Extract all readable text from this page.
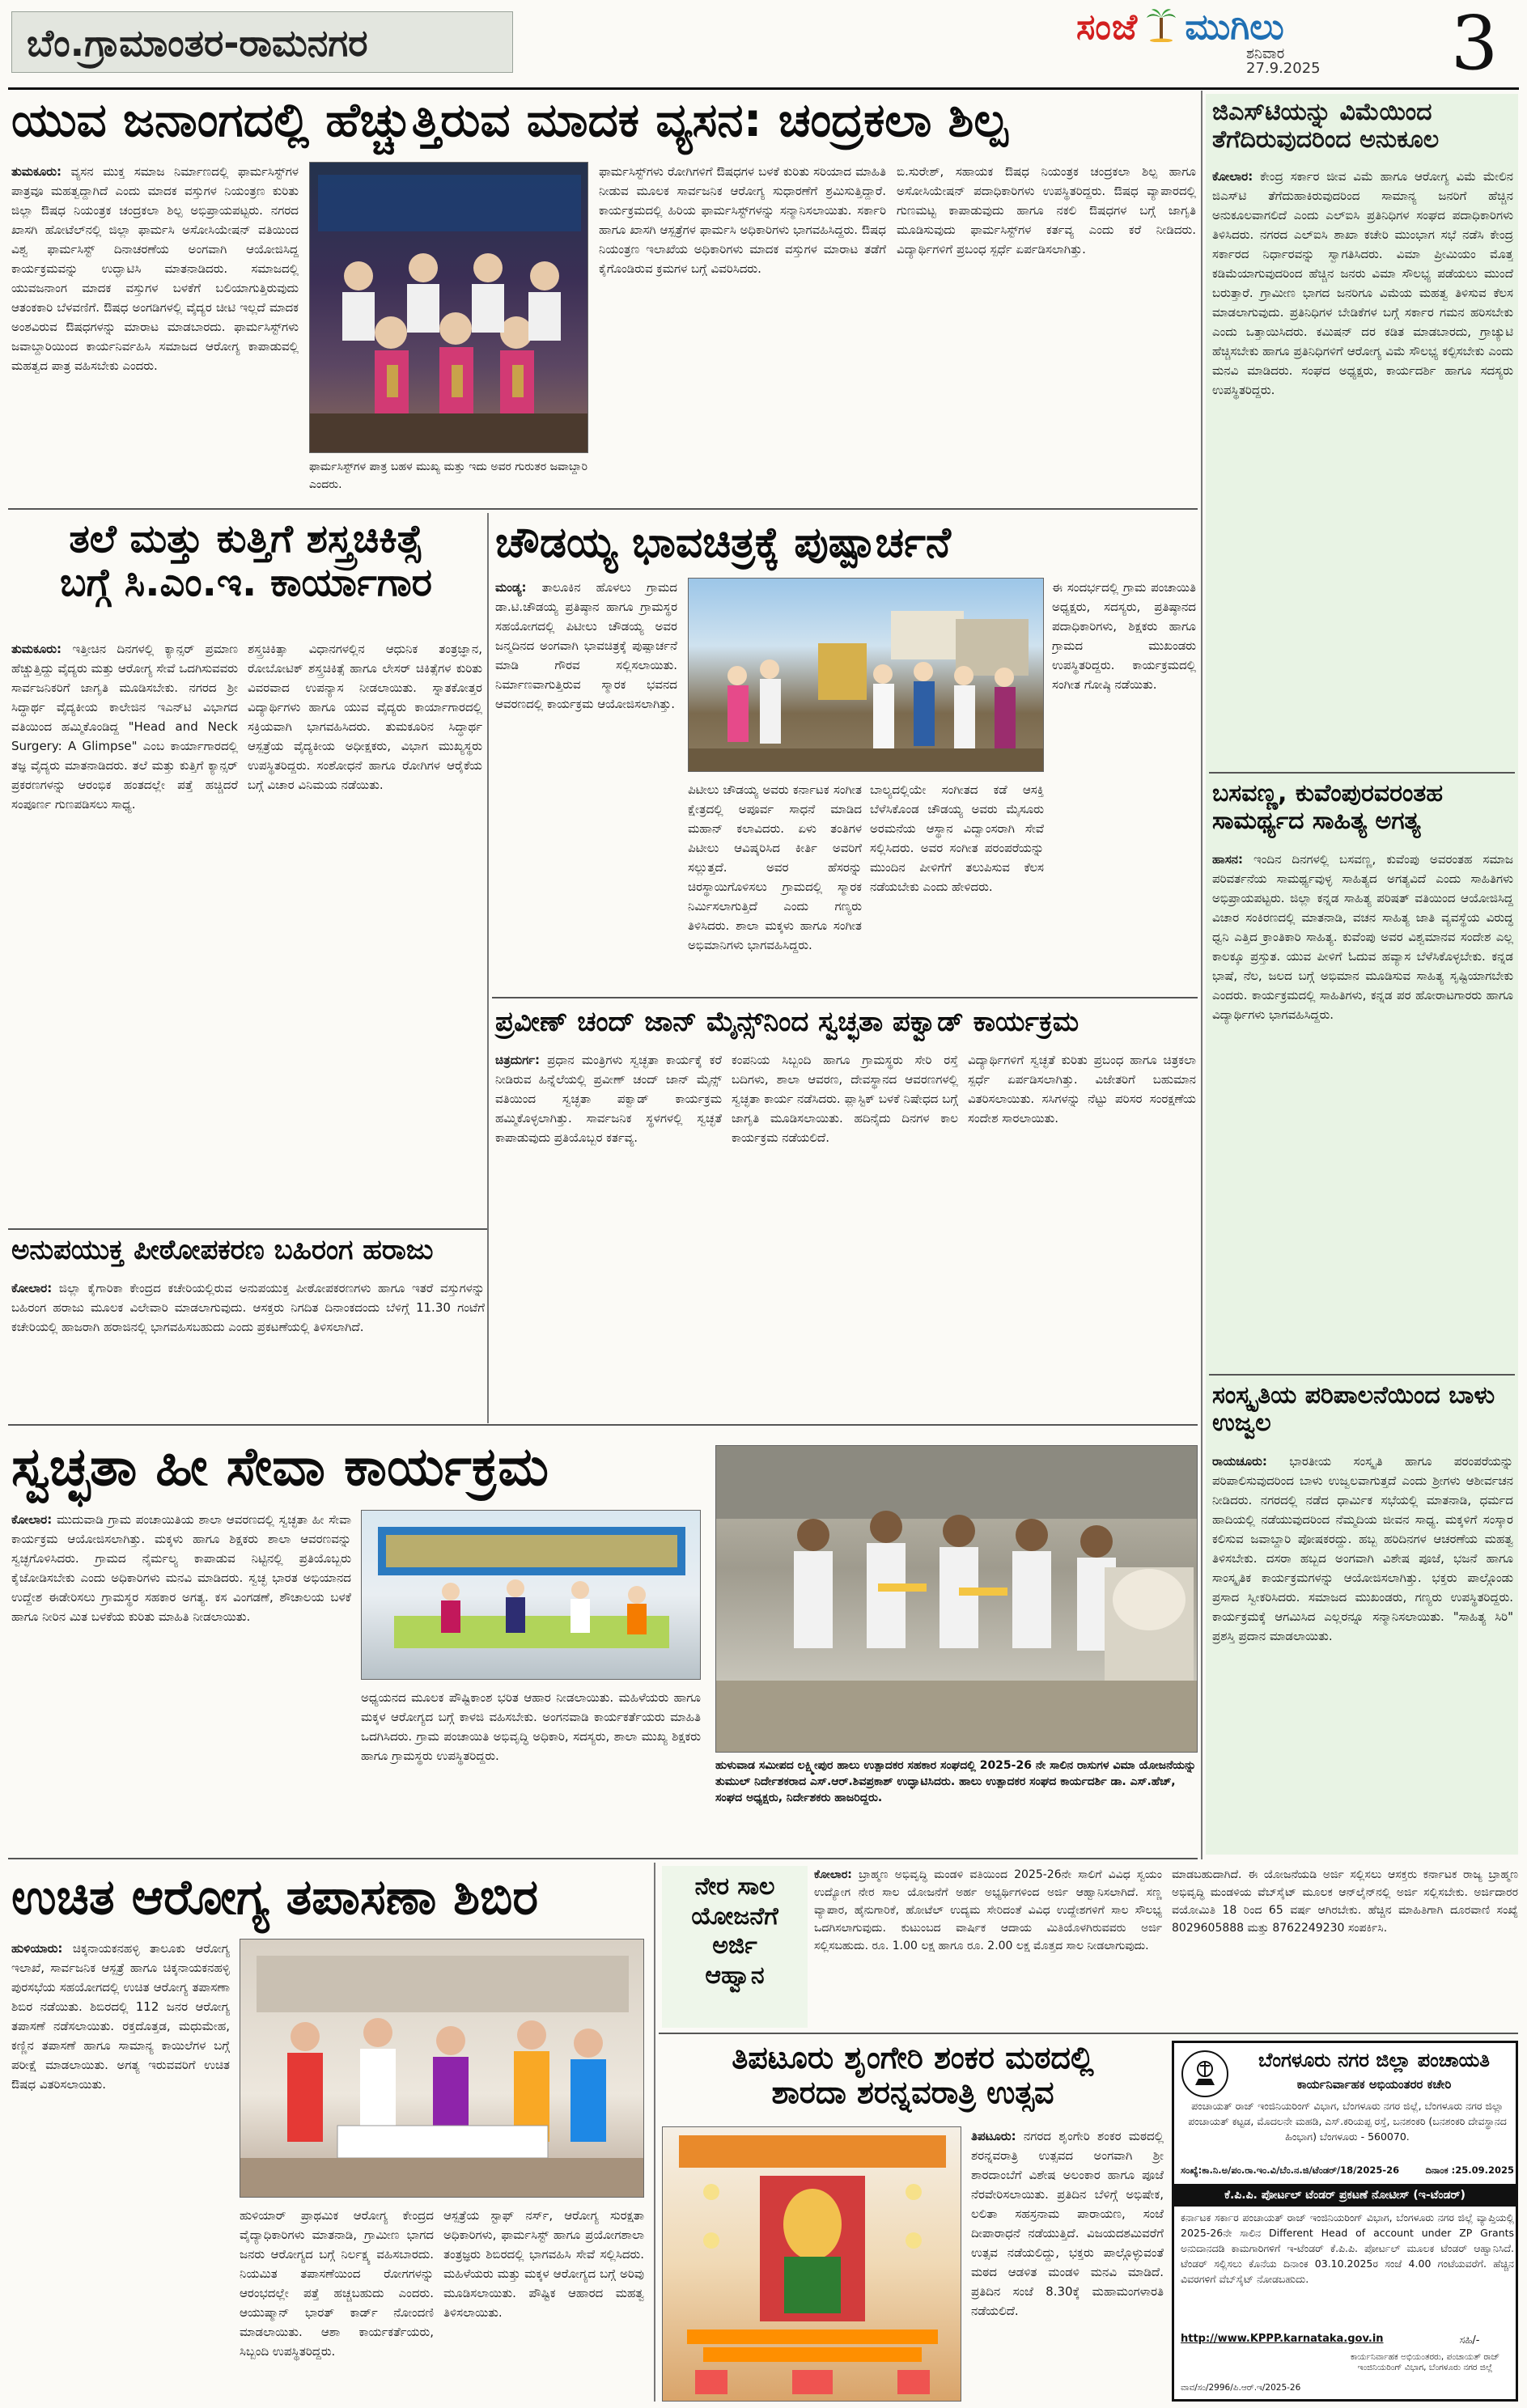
ಬೆಂ.ಗ್ರಾಮಾಂತರ-ರಾಮನಗರ	ಸಂಜೆ ಮುಗಿಲು
ಶನಿವಾರ
27.9.2025 3
ಯುವ ಜನಾಂಗದಲ್ಲಿ ಹೆಚ್ಚುತ್ತಿರುವ ಮಾದಕ ವ್ಯಸನ: ಚಂದ್ರಕಲಾ ಶಿಲ್ಪ
ತುಮಕೂರು: ವ್ಯಸನ ಮುಕ್ತ ಸಮಾಜ ನಿರ್ಮಾಣದಲ್ಲಿ ಫಾರ್ಮಸಿಸ್ಟ್‌ಗಳ ಪಾತ್ರವೂ ಮಹತ್ವದ್ದಾಗಿದೆ ಎಂದು ಮಾದಕ ವಸ್ತುಗಳ ನಿಯಂತ್ರಣ ಕುರಿತು ಜಿಲ್ಲಾ ಔಷಧ ನಿಯಂತ್ರಕ ಚಂದ್ರಕಲಾ ಶಿಲ್ಪ ಅಭಿಪ್ರಾಯಪಟ್ಟರು. ನಗರದ ಖಾಸಗಿ ಹೋಟೆಲ್‌ನಲ್ಲಿ ಜಿಲ್ಲಾ ಫಾರ್ಮಸಿ ಅಸೋಸಿಯೇಷನ್ ವತಿಯಿಂದ ವಿಶ್ವ ಫಾರ್ಮಸಿಸ್ಟ್ ದಿನಾಚರಣೆಯ ಅಂಗವಾಗಿ ಆಯೋಜಿಸಿದ್ದ ಕಾರ್ಯಕ್ರಮವನ್ನು ಉದ್ಘಾಟಿಸಿ ಮಾತನಾಡಿದರು. ಸಮಾಜದಲ್ಲಿ ಯುವಜನಾಂಗ ಮಾದಕ ವಸ್ತುಗಳ ಬಳಕೆಗೆ ಬಲಿಯಾಗುತ್ತಿರುವುದು ಆತಂಕಕಾರಿ ಬೆಳವಣಿಗೆ. ಔಷಧ ಅಂಗಡಿಗಳಲ್ಲಿ ವೈದ್ಯರ ಚೀಟಿ ಇಲ್ಲದೆ ಮಾದಕ ಅಂಶವಿರುವ ಔಷಧಗಳನ್ನು ಮಾರಾಟ ಮಾಡಬಾರದು. ಫಾರ್ಮಸಿಸ್ಟ್‌ಗಳು ಜವಾಬ್ದಾರಿಯಿಂದ ಕಾರ್ಯನಿರ್ವಹಿಸಿ ಸಮಾಜದ ಆರೋಗ್ಯ ಕಾಪಾಡುವಲ್ಲಿ ಮಹತ್ವದ ಪಾತ್ರ ವಹಿಸಬೇಕು ಎಂದರು.
ಫಾರ್ಮಸಿಸ್ಟ್‌ಗಳ ಪಾತ್ರ ಬಹಳ ಮುಖ್ಯ ಮತ್ತು ಇದು ಅವರ ಗುರುತರ ಜವಾಬ್ದಾರಿ ಎಂದರು.
ಫಾರ್ಮಸಿಸ್ಟ್‌ಗಳು ರೋಗಿಗಳಿಗೆ ಔಷಧಗಳ ಬಳಕೆ ಕುರಿತು ಸರಿಯಾದ ಮಾಹಿತಿ ನೀಡುವ ಮೂಲಕ ಸಾರ್ವಜನಿಕ ಆರೋಗ್ಯ ಸುಧಾರಣೆಗೆ ಶ್ರಮಿಸುತ್ತಿದ್ದಾರೆ. ಕಾರ್ಯಕ್ರಮದಲ್ಲಿ ಹಿರಿಯ ಫಾರ್ಮಸಿಸ್ಟ್‌ಗಳನ್ನು ಸನ್ಮಾನಿಸಲಾಯಿತು. ಸರ್ಕಾರಿ ಹಾಗೂ ಖಾಸಗಿ ಆಸ್ಪತ್ರೆಗಳ ಫಾರ್ಮಸಿ ಅಧಿಕಾರಿಗಳು ಭಾಗವಹಿಸಿದ್ದರು. ಔಷಧ ನಿಯಂತ್ರಣ ಇಲಾಖೆಯ ಅಧಿಕಾರಿಗಳು ಮಾದಕ ವಸ್ತುಗಳ ಮಾರಾಟ ತಡೆಗೆ ಕೈಗೊಂಡಿರುವ ಕ್ರಮಗಳ ಬಗ್ಗೆ ವಿವರಿಸಿದರು.
ಬಿ.ಸುರೇಶ್, ಸಹಾಯಕ ಔಷಧ ನಿಯಂತ್ರಕ ಚಂದ್ರಕಲಾ ಶಿಲ್ಪ ಹಾಗೂ ಅಸೋಸಿಯೇಷನ್ ಪದಾಧಿಕಾರಿಗಳು ಉಪಸ್ಥಿತರಿದ್ದರು. ಔಷಧ ವ್ಯಾಪಾರದಲ್ಲಿ ಗುಣಮಟ್ಟ ಕಾಪಾಡುವುದು ಹಾಗೂ ನಕಲಿ ಔಷಧಗಳ ಬಗ್ಗೆ ಜಾಗೃತಿ ಮೂಡಿಸುವುದು ಫಾರ್ಮಸಿಸ್ಟ್‌ಗಳ ಕರ್ತವ್ಯ ಎಂದು ಕರೆ ನೀಡಿದರು. ವಿದ್ಯಾರ್ಥಿಗಳಿಗೆ ಪ್ರಬಂಧ ಸ್ಪರ್ಧೆ ಏರ್ಪಡಿಸಲಾಗಿತ್ತು.
ತಲೆ ಮತ್ತು ಕುತ್ತಿಗೆ ಶಸ್ತ್ರಚಿಕಿತ್ಸೆ
ಬಗ್ಗೆ ಸಿ.ಎಂ.ಇ. ಕಾರ್ಯಾಗಾರ
ತುಮಕೂರು: ಇತ್ತೀಚಿನ ದಿನಗಳಲ್ಲಿ ಕ್ಯಾನ್ಸರ್ ಪ್ರಮಾಣ ಹೆಚ್ಚುತ್ತಿದ್ದು ವೈದ್ಯರು ಮತ್ತು ಆರೋಗ್ಯ ಸೇವೆ ಒದಗಿಸುವವರು ಸಾರ್ವಜನಿಕರಿಗೆ ಜಾಗೃತಿ ಮೂಡಿಸಬೇಕು. ನಗರದ ಶ್ರೀ ಸಿದ್ಧಾರ್ಥ ವೈದ್ಯಕೀಯ ಕಾಲೇಜಿನ ಇಎನ್‌ಟಿ ವಿಭಾಗದ ವತಿಯಿಂದ ಹಮ್ಮಿಕೊಂಡಿದ್ದ "Head and Neck Surgery: A Glimpse" ಎಂಬ ಕಾರ್ಯಾಗಾರದಲ್ಲಿ ತಜ್ಞ ವೈದ್ಯರು ಮಾತನಾಡಿದರು. ತಲೆ ಮತ್ತು ಕುತ್ತಿಗೆ ಕ್ಯಾನ್ಸರ್ ಪ್ರಕರಣಗಳನ್ನು ಆರಂಭಿಕ ಹಂತದಲ್ಲೇ ಪತ್ತೆ ಹಚ್ಚಿದರೆ ಸಂಪೂರ್ಣ ಗುಣಪಡಿಸಲು ಸಾಧ್ಯ.
ಶಸ್ತ್ರಚಿಕಿತ್ಸಾ ವಿಧಾನಗಳಲ್ಲಿನ ಆಧುನಿಕ ತಂತ್ರಜ್ಞಾನ, ರೋಬೋಟಿಕ್ ಶಸ್ತ್ರಚಿಕಿತ್ಸೆ ಹಾಗೂ ಲೇಸರ್ ಚಿಕಿತ್ಸೆಗಳ ಕುರಿತು ವಿವರವಾದ ಉಪನ್ಯಾಸ ನೀಡಲಾಯಿತು. ಸ್ನಾತಕೋತ್ತರ ವಿದ್ಯಾರ್ಥಿಗಳು ಹಾಗೂ ಯುವ ವೈದ್ಯರು ಕಾರ್ಯಾಗಾರದಲ್ಲಿ ಸಕ್ರಿಯವಾಗಿ ಭಾಗವಹಿಸಿದರು. ತುಮಕೂರಿನ ಸಿದ್ಧಾರ್ಥ ಆಸ್ಪತ್ರೆಯ ವೈದ್ಯಕೀಯ ಅಧೀಕ್ಷಕರು, ವಿಭಾಗ ಮುಖ್ಯಸ್ಥರು ಉಪಸ್ಥಿತರಿದ್ದರು. ಸಂಶೋಧನೆ ಹಾಗೂ ರೋಗಿಗಳ ಆರೈಕೆಯ ಬಗ್ಗೆ ವಿಚಾರ ವಿನಿಮಯ ನಡೆಯಿತು.
ಅನುಪಯುಕ್ತ ಪೀಠೋಪಕರಣ ಬಹಿರಂಗ ಹರಾಜು
ಕೋಲಾರ: ಜಿಲ್ಲಾ ಕೈಗಾರಿಕಾ ಕೇಂದ್ರದ ಕಚೇರಿಯಲ್ಲಿರುವ ಅನುಪಯುಕ್ತ ಪೀಠೋಪಕರಣಗಳು ಹಾಗೂ ಇತರೆ ವಸ್ತುಗಳನ್ನು ಬಹಿರಂಗ ಹರಾಜು ಮೂಲಕ ವಿಲೇವಾರಿ ಮಾಡಲಾಗುವುದು. ಆಸಕ್ತರು ನಿಗದಿತ ದಿನಾಂಕದಂದು ಬೆಳಿಗ್ಗೆ 11.30 ಗಂಟೆಗೆ ಕಚೇರಿಯಲ್ಲಿ ಹಾಜರಾಗಿ ಹರಾಜಿನಲ್ಲಿ ಭಾಗವಹಿಸಬಹುದು ಎಂದು ಪ್ರಕಟಣೆಯಲ್ಲಿ ತಿಳಿಸಲಾಗಿದೆ.
ಚೌಡಯ್ಯ ಭಾವಚಿತ್ರಕ್ಕೆ ಪುಷ್ಪಾರ್ಚನೆ
ಮಂಡ್ಯ: ತಾಲೂಕಿನ ಹೊಳಲು ಗ್ರಾಮದ ಡಾ.ಟಿ.ಚೌಡಯ್ಯ ಪ್ರತಿಷ್ಠಾನ ಹಾಗೂ ಗ್ರಾಮಸ್ಥರ ಸಹಯೋಗದಲ್ಲಿ ಪಿಟೀಲು ಚೌಡಯ್ಯ ಅವರ ಜನ್ಮದಿನದ ಅಂಗವಾಗಿ ಭಾವಚಿತ್ರಕ್ಕೆ ಪುಷ್ಪಾರ್ಚನೆ ಮಾಡಿ ಗೌರವ ಸಲ್ಲಿಸಲಾಯಿತು. ನಿರ್ಮಾಣವಾಗುತ್ತಿರುವ ಸ್ಮಾರಕ ಭವನದ ಆವರಣದಲ್ಲಿ ಕಾರ್ಯಕ್ರಮ ಆಯೋಜಿಸಲಾಗಿತ್ತು.
ಪಿಟೀಲು ಚೌಡಯ್ಯ ಅವರು ಕರ್ನಾಟಕ ಸಂಗೀತ ಕ್ಷೇತ್ರದಲ್ಲಿ ಅಪೂರ್ವ ಸಾಧನೆ ಮಾಡಿದ ಮಹಾನ್ ಕಲಾವಿದರು. ಏಳು ತಂತಿಗಳ ಪಿಟೀಲು ಆವಿಷ್ಕರಿಸಿದ ಕೀರ್ತಿ ಅವರಿಗೆ ಸಲ್ಲುತ್ತದೆ. ಅವರ ಹೆಸರನ್ನು ಚಿರಸ್ಥಾಯಿಗೊಳಿಸಲು ಗ್ರಾಮದಲ್ಲಿ ಸ್ಮಾರಕ ನಿರ್ಮಿಸಲಾಗುತ್ತಿದೆ ಎಂದು ಗಣ್ಯರು ತಿಳಿಸಿದರು. ಶಾಲಾ ಮಕ್ಕಳು ಹಾಗೂ ಸಂಗೀತ ಅಭಿಮಾನಿಗಳು ಭಾಗವಹಿಸಿದ್ದರು.
ಬಾಲ್ಯದಲ್ಲಿಯೇ ಸಂಗೀತದ ಕಡೆ ಆಸಕ್ತಿ ಬೆಳೆಸಿಕೊಂಡ ಚೌಡಯ್ಯ ಅವರು ಮೈಸೂರು ಅರಮನೆಯ ಆಸ್ಥಾನ ವಿದ್ವಾಂಸರಾಗಿ ಸೇವೆ ಸಲ್ಲಿಸಿದರು. ಅವರ ಸಂಗೀತ ಪರಂಪರೆಯನ್ನು ಮುಂದಿನ ಪೀಳಿಗೆಗೆ ತಲುಪಿಸುವ ಕೆಲಸ ನಡೆಯಬೇಕು ಎಂದು ಹೇಳಿದರು.
ಈ ಸಂದರ್ಭದಲ್ಲಿ ಗ್ರಾಮ ಪಂಚಾಯಿತಿ ಅಧ್ಯಕ್ಷರು, ಸದಸ್ಯರು, ಪ್ರತಿಷ್ಠಾನದ ಪದಾಧಿಕಾರಿಗಳು, ಶಿಕ್ಷಕರು ಹಾಗೂ ಗ್ರಾಮದ ಮುಖಂಡರು ಉಪಸ್ಥಿತರಿದ್ದರು. ಕಾರ್ಯಕ್ರಮದಲ್ಲಿ ಸಂಗೀತ ಗೋಷ್ಠಿ ನಡೆಯಿತು.
ಪ್ರವೀಣ್ ಚಂದ್ ಜಾನ್ ಮೈನ್ಸ್‌ನಿಂದ ಸ್ವಚ್ಛತಾ ಪಕ್ವಾಡ್ ಕಾರ್ಯಕ್ರಮ
ಚಿತ್ರದುರ್ಗ: ಪ್ರಧಾನ ಮಂತ್ರಿಗಳು ಸ್ವಚ್ಛತಾ ಕಾರ್ಯಕ್ಕೆ ಕರೆ ನೀಡಿರುವ ಹಿನ್ನೆಲೆಯಲ್ಲಿ ಪ್ರವೀಣ್ ಚಂದ್ ಜಾನ್ ಮೈನ್ಸ್ ವತಿಯಿಂದ ಸ್ವಚ್ಛತಾ ಪಕ್ವಾಡ್ ಕಾರ್ಯಕ್ರಮ ಹಮ್ಮಿಕೊಳ್ಳಲಾಗಿತ್ತು. ಸಾರ್ವಜನಿಕ ಸ್ಥಳಗಳಲ್ಲಿ ಸ್ವಚ್ಛತೆ ಕಾಪಾಡುವುದು ಪ್ರತಿಯೊಬ್ಬರ ಕರ್ತವ್ಯ.
ಕಂಪನಿಯ ಸಿಬ್ಬಂದಿ ಹಾಗೂ ಗ್ರಾಮಸ್ಥರು ಸೇರಿ ರಸ್ತೆ ಬದಿಗಳು, ಶಾಲಾ ಆವರಣ, ದೇವಸ್ಥಾನದ ಆವರಣಗಳಲ್ಲಿ ಸ್ವಚ್ಛತಾ ಕಾರ್ಯ ನಡೆಸಿದರು. ಪ್ಲಾಸ್ಟಿಕ್ ಬಳಕೆ ನಿಷೇಧದ ಬಗ್ಗೆ ಜಾಗೃತಿ ಮೂಡಿಸಲಾಯಿತು. ಹದಿನೈದು ದಿನಗಳ ಕಾಲ ಕಾರ್ಯಕ್ರಮ ನಡೆಯಲಿದೆ.
ವಿದ್ಯಾರ್ಥಿಗಳಿಗೆ ಸ್ವಚ್ಛತೆ ಕುರಿತು ಪ್ರಬಂಧ ಹಾಗೂ ಚಿತ್ರಕಲಾ ಸ್ಪರ್ಧೆ ಏರ್ಪಡಿಸಲಾಗಿತ್ತು. ವಿಜೇತರಿಗೆ ಬಹುಮಾನ ವಿತರಿಸಲಾಯಿತು. ಸಸಿಗಳನ್ನು ನೆಟ್ಟು ಪರಿಸರ ಸಂರಕ್ಷಣೆಯ ಸಂದೇಶ ಸಾರಲಾಯಿತು.
ಸ್ವಚ್ಛತಾ ಹೀ ಸೇವಾ ಕಾರ್ಯಕ್ರಮ
ಕೋಲಾರ: ಮುದುವಾಡಿ ಗ್ರಾಮ ಪಂಚಾಯಿತಿಯ ಶಾಲಾ ಆವರಣದಲ್ಲಿ ಸ್ವಚ್ಛತಾ ಹೀ ಸೇವಾ ಕಾರ್ಯಕ್ರಮ ಆಯೋಜಿಸಲಾಗಿತ್ತು. ಮಕ್ಕಳು ಹಾಗೂ ಶಿಕ್ಷಕರು ಶಾಲಾ ಆವರಣವನ್ನು ಸ್ವಚ್ಛಗೊಳಿಸಿದರು. ಗ್ರಾಮದ ನೈರ್ಮಲ್ಯ ಕಾಪಾಡುವ ನಿಟ್ಟಿನಲ್ಲಿ ಪ್ರತಿಯೊಬ್ಬರು ಕೈಜೋಡಿಸಬೇಕು ಎಂದು ಅಧಿಕಾರಿಗಳು ಮನವಿ ಮಾಡಿದರು. ಸ್ವಚ್ಛ ಭಾರತ ಅಭಿಯಾನದ ಉದ್ದೇಶ ಈಡೇರಿಸಲು ಗ್ರಾಮಸ್ಥರ ಸಹಕಾರ ಅಗತ್ಯ. ಕಸ ವಿಂಗಡಣೆ, ಶೌಚಾಲಯ ಬಳಕೆ ಹಾಗೂ ನೀರಿನ ಮಿತ ಬಳಕೆಯ ಕುರಿತು ಮಾಹಿತಿ ನೀಡಲಾಯಿತು.
ಅಧ್ಯಯನದ ಮೂಲಕ ಪೌಷ್ಟಿಕಾಂಶ ಭರಿತ ಆಹಾರ ನೀಡಲಾಯಿತು. ಮಹಿಳೆಯರು ಹಾಗೂ ಮಕ್ಕಳ ಆರೋಗ್ಯದ ಬಗ್ಗೆ ಕಾಳಜಿ ವಹಿಸಬೇಕು. ಅಂಗನವಾಡಿ ಕಾರ್ಯಕರ್ತೆಯರು ಮಾಹಿತಿ ಒದಗಿಸಿದರು. ಗ್ರಾಮ ಪಂಚಾಯಿತಿ ಅಭಿವೃದ್ಧಿ ಅಧಿಕಾರಿ, ಸದಸ್ಯರು, ಶಾಲಾ ಮುಖ್ಯ ಶಿಕ್ಷಕರು ಹಾಗೂ ಗ್ರಾಮಸ್ಥರು ಉಪಸ್ಥಿತರಿದ್ದರು.
ಹುಳುವಾಡ ಸಮೀಪದ ಲಕ್ಷ್ಮೀಪುರ ಹಾಲು ಉತ್ಪಾದಕರ ಸಹಕಾರ ಸಂಘದಲ್ಲಿ 2025-26 ನೇ ಸಾಲಿನ ರಾಸುಗಳ ವಿಮಾ ಯೋಜನೆಯನ್ನು ತುಮುಲ್ ನಿರ್ದೇಶಕರಾದ ಎಸ್.ಆರ್.ಶಿವಪ್ರಕಾಶ್ ಉದ್ಘಾಟಿಸಿದರು. ಹಾಲು ಉತ್ಪಾದಕರ ಸಂಘದ ಕಾರ್ಯದರ್ಶಿ ಡಾ. ಎಸ್.ಹೆಚ್, ಸಂಘದ ಅಧ್ಯಕ್ಷರು, ನಿರ್ದೇಶಕರು ಹಾಜರಿದ್ದರು.
ಜಿಎಸ್‌ಟಿಯನ್ನು ವಿಮೆಯಿಂದ ತೆಗೆದಿರುವುದರಿಂದ ಅನುಕೂಲ
ಕೋಲಾರ: ಕೇಂದ್ರ ಸರ್ಕಾರ ಜೀವ ವಿಮೆ ಹಾಗೂ ಆರೋಗ್ಯ ವಿಮೆ ಮೇಲಿನ ಜಿಎಸ್‌ಟಿ ತೆಗೆದುಹಾಕಿರುವುದರಿಂದ ಸಾಮಾನ್ಯ ಜನರಿಗೆ ಹೆಚ್ಚಿನ ಅನುಕೂಲವಾಗಲಿದೆ ಎಂದು ಎಲ್‌ಐಸಿ ಪ್ರತಿನಿಧಿಗಳ ಸಂಘದ ಪದಾಧಿಕಾರಿಗಳು ತಿಳಿಸಿದರು. ನಗರದ ಎಲ್‌ಐಸಿ ಶಾಖಾ ಕಚೇರಿ ಮುಂಭಾಗ ಸಭೆ ನಡೆಸಿ ಕೇಂದ್ರ ಸರ್ಕಾರದ ನಿರ್ಧಾರವನ್ನು ಸ್ವಾಗತಿಸಿದರು. ವಿಮಾ ಪ್ರೀಮಿಯಂ ಮೊತ್ತ ಕಡಿಮೆಯಾಗುವುದರಿಂದ ಹೆಚ್ಚಿನ ಜನರು ವಿಮಾ ಸೌಲಭ್ಯ ಪಡೆಯಲು ಮುಂದೆ ಬರುತ್ತಾರೆ. ಗ್ರಾಮೀಣ ಭಾಗದ ಜನರಿಗೂ ವಿಮೆಯ ಮಹತ್ವ ತಿಳಿಸುವ ಕೆಲಸ ಮಾಡಲಾಗುವುದು. ಪ್ರತಿನಿಧಿಗಳ ಬೇಡಿಕೆಗಳ ಬಗ್ಗೆ ಸರ್ಕಾರ ಗಮನ ಹರಿಸಬೇಕು ಎಂದು ಒತ್ತಾಯಿಸಿದರು. ಕಮಿಷನ್ ದರ ಕಡಿತ ಮಾಡಬಾರದು, ಗ್ರಾಚ್ಯುಟಿ ಹೆಚ್ಚಿಸಬೇಕು ಹಾಗೂ ಪ್ರತಿನಿಧಿಗಳಿಗೆ ಆರೋಗ್ಯ ವಿಮೆ ಸೌಲಭ್ಯ ಕಲ್ಪಿಸಬೇಕು ಎಂದು ಮನವಿ ಮಾಡಿದರು. ಸಂಘದ ಅಧ್ಯಕ್ಷರು, ಕಾರ್ಯದರ್ಶಿ ಹಾಗೂ ಸದಸ್ಯರು ಉಪಸ್ಥಿತರಿದ್ದರು.
ಬಸವಣ್ಣ, ಕುವೆಂಪುರವರಂತಹ ಸಾಮರ್ಥ್ಯದ ಸಾಹಿತ್ಯ ಅಗತ್ಯ
ಹಾಸನ: ಇಂದಿನ ದಿನಗಳಲ್ಲಿ ಬಸವಣ್ಣ, ಕುವೆಂಪು ಅವರಂತಹ ಸಮಾಜ ಪರಿವರ್ತನೆಯ ಸಾಮರ್ಥ್ಯವುಳ್ಳ ಸಾಹಿತ್ಯದ ಅಗತ್ಯವಿದೆ ಎಂದು ಸಾಹಿತಿಗಳು ಅಭಿಪ್ರಾಯಪಟ್ಟರು. ಜಿಲ್ಲಾ ಕನ್ನಡ ಸಾಹಿತ್ಯ ಪರಿಷತ್ ವತಿಯಿಂದ ಆಯೋಜಿಸಿದ್ದ ವಿಚಾರ ಸಂಕಿರಣದಲ್ಲಿ ಮಾತನಾಡಿ, ವಚನ ಸಾಹಿತ್ಯ ಜಾತಿ ವ್ಯವಸ್ಥೆಯ ವಿರುದ್ಧ ಧ್ವನಿ ಎತ್ತಿದ ಕ್ರಾಂತಿಕಾರಿ ಸಾಹಿತ್ಯ. ಕುವೆಂಪು ಅವರ ವಿಶ್ವಮಾನವ ಸಂದೇಶ ಎಲ್ಲ ಕಾಲಕ್ಕೂ ಪ್ರಸ್ತುತ. ಯುವ ಪೀಳಿಗೆ ಓದುವ ಹವ್ಯಾಸ ಬೆಳೆಸಿಕೊಳ್ಳಬೇಕು. ಕನ್ನಡ ಭಾಷೆ, ನೆಲ, ಜಲದ ಬಗ್ಗೆ ಅಭಿಮಾನ ಮೂಡಿಸುವ ಸಾಹಿತ್ಯ ಸೃಷ್ಟಿಯಾಗಬೇಕು ಎಂದರು. ಕಾರ್ಯಕ್ರಮದಲ್ಲಿ ಸಾಹಿತಿಗಳು, ಕನ್ನಡ ಪರ ಹೋರಾಟಗಾರರು ಹಾಗೂ ವಿದ್ಯಾರ್ಥಿಗಳು ಭಾಗವಹಿಸಿದ್ದರು.
ಸಂಸ್ಕೃತಿಯ ಪರಿಪಾಲನೆಯಿಂದ ಬಾಳು ಉಜ್ವಲ
ರಾಯಚೂರು: ಭಾರತೀಯ ಸಂಸ್ಕೃತಿ ಹಾಗೂ ಪರಂಪರೆಯನ್ನು ಪರಿಪಾಲಿಸುವುದರಿಂದ ಬಾಳು ಉಜ್ವಲವಾಗುತ್ತದೆ ಎಂದು ಶ್ರೀಗಳು ಆಶೀರ್ವಚನ ನೀಡಿದರು. ನಗರದಲ್ಲಿ ನಡೆದ ಧಾರ್ಮಿಕ ಸಭೆಯಲ್ಲಿ ಮಾತನಾಡಿ, ಧರ್ಮದ ಹಾದಿಯಲ್ಲಿ ನಡೆಯುವುದರಿಂದ ನೆಮ್ಮದಿಯ ಜೀವನ ಸಾಧ್ಯ. ಮಕ್ಕಳಿಗೆ ಸಂಸ್ಕಾರ ಕಲಿಸುವ ಜವಾಬ್ದಾರಿ ಪೋಷಕರದ್ದು. ಹಬ್ಬ ಹರಿದಿನಗಳ ಆಚರಣೆಯ ಮಹತ್ವ ತಿಳಿಸಬೇಕು. ದಸರಾ ಹಬ್ಬದ ಅಂಗವಾಗಿ ವಿಶೇಷ ಪೂಜೆ, ಭಜನೆ ಹಾಗೂ ಸಾಂಸ್ಕೃತಿಕ ಕಾರ್ಯಕ್ರಮಗಳನ್ನು ಆಯೋಜಿಸಲಾಗಿತ್ತು. ಭಕ್ತರು ಪಾಲ್ಗೊಂಡು ಪ್ರಸಾದ ಸ್ವೀಕರಿಸಿದರು. ಸಮಾಜದ ಮುಖಂಡರು, ಗಣ್ಯರು ಉಪಸ್ಥಿತರಿದ್ದರು. ಕಾರ್ಯಕ್ರಮಕ್ಕೆ ಆಗಮಿಸಿದ ಎಲ್ಲರನ್ನೂ ಸನ್ಮಾನಿಸಲಾಯಿತು. "ಸಾಹಿತ್ಯ ಸಿರಿ" ಪ್ರಶಸ್ತಿ ಪ್ರದಾನ ಮಾಡಲಾಯಿತು.
ಉಚಿತ ಆರೋಗ್ಯ ತಪಾಸಣಾ ಶಿಬಿರ
ಹುಳಿಯಾರು: ಚಿಕ್ಕನಾಯಕನಹಳ್ಳಿ ತಾಲೂಕು ಆರೋಗ್ಯ ಇಲಾಖೆ, ಸಾರ್ವಜನಿಕ ಆಸ್ಪತ್ರೆ ಹಾಗೂ ಚಿಕ್ಕನಾಯಕನಹಳ್ಳಿ ಪುರಸಭೆಯ ಸಹಯೋಗದಲ್ಲಿ ಉಚಿತ ಆರೋಗ್ಯ ತಪಾಸಣಾ ಶಿಬಿರ ನಡೆಯಿತು. ಶಿಬಿರದಲ್ಲಿ 112 ಜನರ ಆರೋಗ್ಯ ತಪಾಸಣೆ ನಡೆಸಲಾಯಿತು. ರಕ್ತದೊತ್ತಡ, ಮಧುಮೇಹ, ಕಣ್ಣಿನ ತಪಾಸಣೆ ಹಾಗೂ ಸಾಮಾನ್ಯ ಕಾಯಿಲೆಗಳ ಬಗ್ಗೆ ಪರೀಕ್ಷೆ ಮಾಡಲಾಯಿತು. ಅಗತ್ಯ ಇರುವವರಿಗೆ ಉಚಿತ ಔಷಧ ವಿತರಿಸಲಾಯಿತು.
ಹುಳಿಯಾರ್ ಪ್ರಾಥಮಿಕ ಆರೋಗ್ಯ ಕೇಂದ್ರದ ವೈದ್ಯಾಧಿಕಾರಿಗಳು ಮಾತನಾಡಿ, ಗ್ರಾಮೀಣ ಭಾಗದ ಜನರು ಆರೋಗ್ಯದ ಬಗ್ಗೆ ನಿರ್ಲಕ್ಷ್ಯ ವಹಿಸಬಾರದು. ನಿಯಮಿತ ತಪಾಸಣೆಯಿಂದ ರೋಗಗಳನ್ನು ಆರಂಭದಲ್ಲೇ ಪತ್ತೆ ಹಚ್ಚಬಹುದು ಎಂದರು. ಆಯುಷ್ಮಾನ್ ಭಾರತ್ ಕಾರ್ಡ್ ನೋಂದಣಿ ಮಾಡಲಾಯಿತು. ಆಶಾ ಕಾರ್ಯಕರ್ತೆಯರು, ಸಿಬ್ಬಂದಿ ಉಪಸ್ಥಿತರಿದ್ದರು.
ಆಸ್ಪತ್ರೆಯ ಸ್ಟಾಫ್ ನರ್ಸ್, ಆರೋಗ್ಯ ಸುರಕ್ಷತಾ ಅಧಿಕಾರಿಗಳು, ಫಾರ್ಮಸಿಸ್ಟ್ ಹಾಗೂ ಪ್ರಯೋಗಶಾಲಾ ತಂತ್ರಜ್ಞರು ಶಿಬಿರದಲ್ಲಿ ಭಾಗವಹಿಸಿ ಸೇವೆ ಸಲ್ಲಿಸಿದರು. ಮಹಿಳೆಯರು ಮತ್ತು ಮಕ್ಕಳ ಆರೋಗ್ಯದ ಬಗ್ಗೆ ಅರಿವು ಮೂಡಿಸಲಾಯಿತು. ಪೌಷ್ಟಿಕ ಆಹಾರದ ಮಹತ್ವ ತಿಳಿಸಲಾಯಿತು.
ನೇರ ಸಾಲ
ಯೋಜನೆಗೆ
ಅರ್ಜಿ
ಆಹ್ವಾನ
ಕೋಲಾರ: ಬ್ರಾಹ್ಮಣ ಅಭಿವೃದ್ಧಿ ಮಂಡಳಿ ವತಿಯಿಂದ 2025-26ನೇ ಸಾಲಿಗೆ ವಿವಿಧ ಸ್ವಯಂ ಉದ್ಯೋಗ ನೇರ ಸಾಲ ಯೋಜನೆಗೆ ಅರ್ಹ ಅಭ್ಯರ್ಥಿಗಳಿಂದ ಅರ್ಜಿ ಆಹ್ವಾನಿಸಲಾಗಿದೆ. ಸಣ್ಣ ವ್ಯಾಪಾರ, ಹೈನುಗಾರಿಕೆ, ಹೋಟೆಲ್ ಉದ್ಯಮ ಸೇರಿದಂತೆ ವಿವಿಧ ಉದ್ದೇಶಗಳಿಗೆ ಸಾಲ ಸೌಲಭ್ಯ ಒದಗಿಸಲಾಗುವುದು. ಕುಟುಂಬದ ವಾರ್ಷಿಕ ಆದಾಯ ಮಿತಿಯೊಳಗಿರುವವರು ಅರ್ಜಿ ಸಲ್ಲಿಸಬಹುದು. ರೂ. 1.00 ಲಕ್ಷ ಹಾಗೂ ರೂ. 2.00 ಲಕ್ಷ ಮೊತ್ತದ ಸಾಲ ನೀಡಲಾಗುವುದು.
ಮಾಡಬಹುದಾಗಿದೆ. ಈ ಯೋಜನೆಯಡಿ ಅರ್ಜಿ ಸಲ್ಲಿಸಲು ಆಸಕ್ತರು ಕರ್ನಾಟಕ ರಾಜ್ಯ ಬ್ರಾಹ್ಮಣ ಅಭಿವೃದ್ಧಿ ಮಂಡಳಿಯ ವೆಬ್‌ಸೈಟ್ ಮೂಲಕ ಆನ್‌ಲೈನ್‌ನಲ್ಲಿ ಅರ್ಜಿ ಸಲ್ಲಿಸಬೇಕು. ಅರ್ಜಿದಾರರ ವಯೋಮಿತಿ 18 ರಿಂದ 65 ವರ್ಷ ಆಗಿರಬೇಕು. ಹೆಚ್ಚಿನ ಮಾಹಿತಿಗಾಗಿ ದೂರವಾಣಿ ಸಂಖ್ಯೆ 8029605888 ಮತ್ತು 8762249230 ಸಂಪರ್ಕಿಸಿ.
ತಿಪಟೂರು ಶೃಂಗೇರಿ ಶಂಕರ ಮಠದಲ್ಲಿ
ಶಾರದಾ ಶರನ್ನವರಾತ್ರಿ ಉತ್ಸವ
ತಿಪಟೂರು: ನಗರದ ಶೃಂಗೇರಿ ಶಂಕರ ಮಠದಲ್ಲಿ ಶರನ್ನವರಾತ್ರಿ ಉತ್ಸವದ ಅಂಗವಾಗಿ ಶ್ರೀ ಶಾರದಾಂಬೆಗೆ ವಿಶೇಷ ಅಲಂಕಾರ ಹಾಗೂ ಪೂಜೆ ನೆರವೇರಿಸಲಾಯಿತು. ಪ್ರತಿದಿನ ಬೆಳಿಗ್ಗೆ ಅಭಿಷೇಕ, ಲಲಿತಾ ಸಹಸ್ರನಾಮ ಪಾರಾಯಣ, ಸಂಜೆ ದೀಪಾರಾಧನೆ ನಡೆಯುತ್ತಿದೆ. ವಿಜಯದಶಮಿವರೆಗೆ ಉತ್ಸವ ನಡೆಯಲಿದ್ದು, ಭಕ್ತರು ಪಾಲ್ಗೊಳ್ಳುವಂತೆ ಮಠದ ಆಡಳಿತ ಮಂಡಳಿ ಮನವಿ ಮಾಡಿದೆ. ಪ್ರತಿದಿನ ಸಂಜೆ 8.30ಕ್ಕೆ ಮಹಾಮಂಗಳಾರತಿ ನಡೆಯಲಿದೆ.
ಬೆಂಗಳೂರು ನಗರ ಜಿಲ್ಲಾ ಪಂಚಾಯತಿ
ಕಾರ್ಯನಿರ್ವಾಹಕ ಅಭಿಯಂತರರ ಕಚೇರಿ
ಪಂಚಾಯತ್ ರಾಜ್ ಇಂಜಿನಿಯರಿಂಗ್ ವಿಭಾಗ, ಬೆಂಗಳೂರು ನಗರ ಜಿಲ್ಲೆ, ಬೆಂಗಳೂರು ನಗರ ಜಿಲ್ಲಾ ಪಂಚಾಯತ್ ಕಟ್ಟಡ, ಮೊದಲನೇ ಮಹಡಿ, ಎಸ್.ಕರಿಯಪ್ಪ ರಸ್ತೆ, ಬನಶಂಕರಿ (ಬನಶಂಕರಿ ದೇವಸ್ಥಾನದ ಹಿಂಭಾಗ) ಬೆಂಗಳೂರು - 560070.
ಸಂಖ್ಯೆ:ಕಾ.ನಿ.ಅ/ಪಂ.ರಾ.ಇಂ.ವಿ/ಬೆಂ.ನ.ಜಿ/ಟೆಂಡರ್/18/2025-26	ದಿನಾಂಕ :25.09.2025
ಕೆ.ಪಿ.ಪಿ. ಪೋರ್ಟಲ್ ಟೆಂಡರ್ ಪ್ರಕಟಣೆ ನೋಟೀಸ್ (ಇ-ಟೆಂಡರ್)
ಕರ್ನಾಟಕ ಸರ್ಕಾರ ಪಂಚಾಯತ್ ರಾಜ್ ಇಂಜಿನಿಯರಿಂಗ್ ವಿಭಾಗ, ಬೆಂಗಳೂರು ನಗರ ಜಿಲ್ಲೆ ವ್ಯಾಪ್ತಿಯಲ್ಲಿ 2025-26ನೇ ಸಾಲಿನ Different Head of account under ZP Grants ಅನುದಾನದಡಿ ಕಾಮಗಾರಿಗಳಿಗೆ ಇ-ಟೆಂಡರ್ ಕೆ.ಪಿ.ಪಿ. ಪೋರ್ಟಲ್ ಮೂಲಕ ಟೆಂಡರ್ ಆಹ್ವಾನಿಸಿದೆ. ಟೆಂಡರ್ ಸಲ್ಲಿಸಲು ಕೊನೆಯ ದಿನಾಂಕ 03.10.2025ರ ಸಂಜೆ 4.00 ಗಂಟೆಯವರೆಗೆ. ಹೆಚ್ಚಿನ ವಿವರಗಳಿಗೆ ವೆಬ್‌ಸೈಟ್ ನೋಡಬಹುದು.
http://www.KPPP.karnataka.gov.in	ಸಹಿ/-
ಕಾರ್ಯನಿರ್ವಾಹಕ ಅಭಿಯಂತರರು, ಪಂಚಾಯತ್ ರಾಜ್ ಇಂಜಿನಿಯರಿಂಗ್ ವಿಭಾಗ, ಬೆಂಗಳೂರು ನಗರ ಜಿಲ್ಲೆ
ವಾವ/ಸಂ/2996/ಪಿ.ಆರ್.ಇ/2025-26
